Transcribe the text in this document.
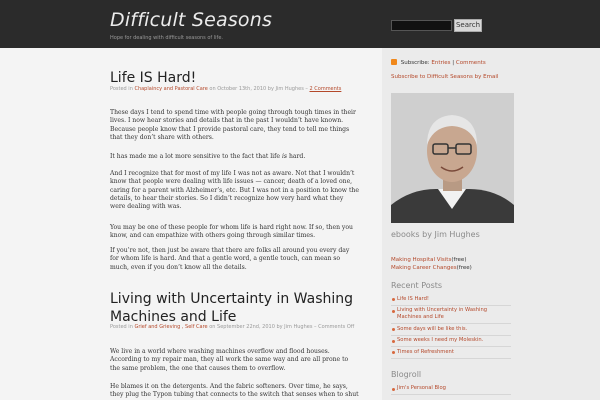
Difficult Seasons
Hope for dealing with difficult seasons of life.
Search
Life IS Hard!
Posted in Chaplaincy and Pastoral Care on October 13th, 2010 by Jim Hughes – 2 Comments

These days I tend to spend time with people going through tough times in their lives. I now hear stories and details that in the past I wouldn’t have known. Because people know that I provide pastoral care, they tend to tell me things that they don’t share with others.

It has made me a lot more sensitive to the fact that life is hard.

And I recognize that for most of my life I was not as aware. Not that I wouldn’t know that people were dealing with life issues — cancer, death of a loved one, caring for a parent with Alzheimer’s, etc. But I was not in a position to know the details, to hear their stories. So I didn’t recognize how very hard what they were dealing with was.

You may be one of these people for whom life is hard right now. If so, then you know, and can empathize with others going through similar times.

If you’re not, then just be aware that there are folks all around you every day for whom life is hard. And that a gentle word, a gentle touch, can mean so much, even if you don’t know all the details.

Living with Uncertainty in Washing Machines and Life
Posted in Grief and Grieving , Self Care on September 22nd, 2010 by Jim Hughes – Comments Off

We live in a world where washing machines overflow and flood houses. According to my repair man, they all work the same way and are all prone to the same problem, the one that causes them to overflow.

He blames it on the detergents. And the fabric softeners. Over time, he says, they plug the Typon tubing that connects to the switch that senses when to shut

Subscribe: Entries | Comments
Subscribe to Difficult Seasons by Email
ebooks by Jim Hughes
Making Hospital Visits(free)
Making Career Changes(free)
Recent Posts
Life IS Hard!
Living with Uncertainty in Washing Machines and Life
Some days will be like this.
Some weeks I need my Moleskin.
Times of Refreshment
Blogroll
Jim's Personal Blog
